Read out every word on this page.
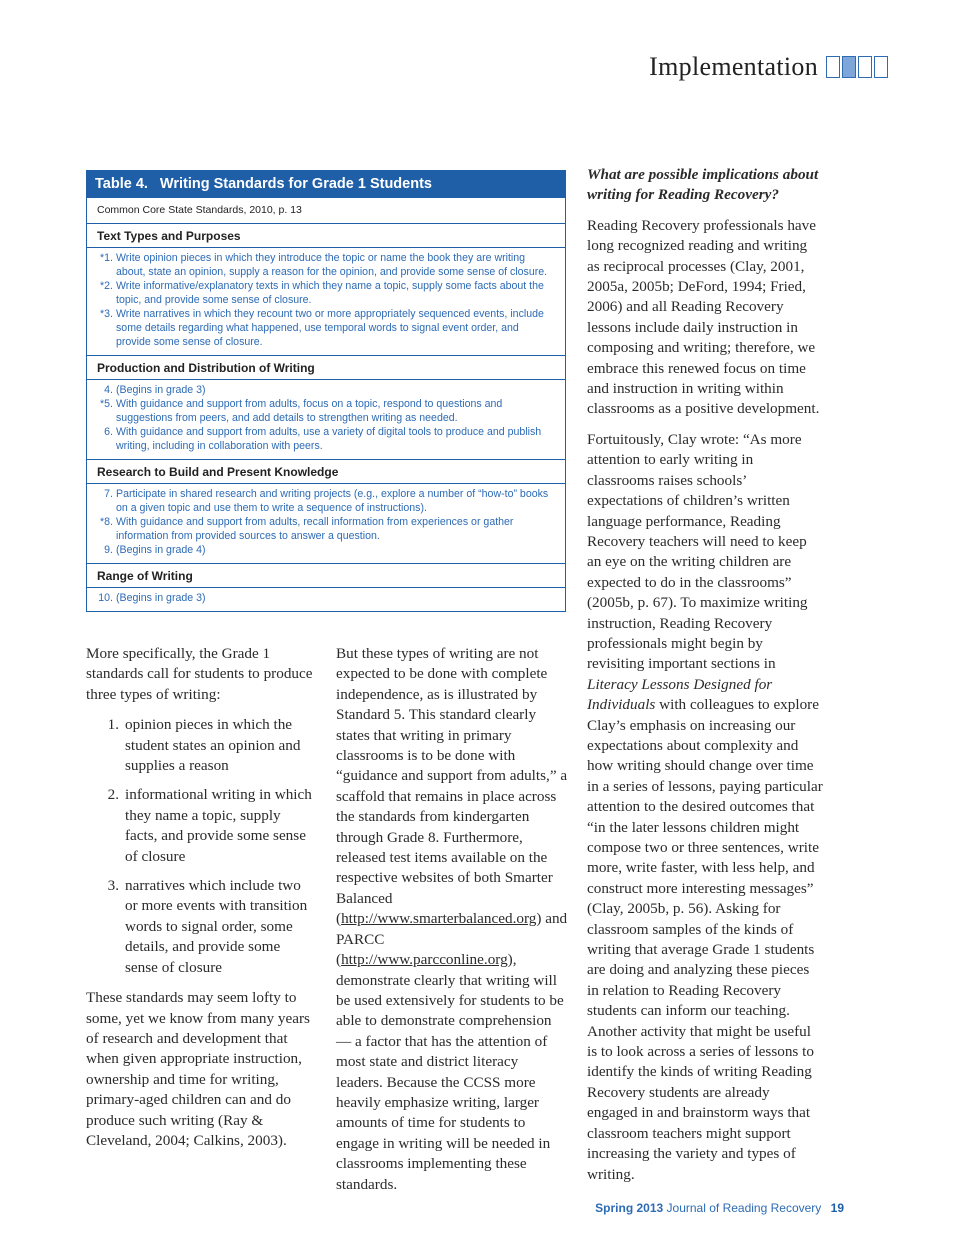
Implementation
Table 4. Writing Standards for Grade 1 Students
Common Core State Standards, 2010, p. 13
Text Types and Purposes
*1. Write opinion pieces in which they introduce the topic or name the book they are writing about, state an opinion, supply a reason for the opinion, and provide some sense of closure.
*2. Write informative/explanatory texts in which they name a topic, supply some facts about the topic, and provide some sense of closure.
*3. Write narratives in which they recount two or more appropriately sequenced events, include some details regarding what happened, use temporal words to signal event order, and provide some sense of closure.
Production and Distribution of Writing
4. (Begins in grade 3)
*5. With guidance and support from adults, focus on a topic, respond to questions and suggestions from peers, and add details to strengthen writing as needed.
6. With guidance and support from adults, use a variety of digital tools to produce and publish writing, including in collaboration with peers.
Research to Build and Present Knowledge
7. Participate in shared research and writing projects (e.g., explore a number of “how-to” books on a given topic and use them to write a sequence of instructions).
*8. With guidance and support from adults, recall information from experiences or gather information from provided sources to answer a question.
9. (Begins in grade 4)
Range of Writing
10. (Begins in grade 3)

More specifically, the Grade 1 standards call for students to produce three types of writing:

1. opinion pieces in which the student states an opinion and supplies a reason
2. informational writing in which they name a topic, supply facts, and provide some sense of closure
3. narratives which include two or more events with transition words to signal order, some details, and provide some sense of closure

These standards may seem lofty to some, yet we know from many years of research and development that when given appropriate instruction, ownership and time for writing, primary-aged children can and do produce such writing (Ray & Cleveland, 2004; Calkins, 2003).

But these types of writing are not expected to be done with complete independence, as is illustrated by Standard 5. This standard clearly states that writing in primary classrooms is to be done with “guidance and support from adults,” a scaffold that remains in place across the standards from kindergarten through Grade 8. Furthermore, released test items available on the respective websites of both Smarter Balanced (http://www.smarterbalanced.org) and PARCC (http://www.parcconline.org), demonstrate clearly that writing will be used extensively for students to be able to demonstrate comprehension — a factor that has the attention of most state and district literacy leaders. Because the CCSS more heavily emphasize writing, larger amounts of time for students to engage in writing will be needed in classrooms implementing these standards.

What are possible implications about writing for Reading Recovery?

Reading Recovery professionals have long recognized reading and writing as reciprocal processes (Clay, 2001, 2005a, 2005b; DeFord, 1994; Fried, 2006) and all Reading Recovery lessons include daily instruction in composing and writing; therefore, we embrace this renewed focus on time and instruction in writing within classrooms as a positive development.

Fortuitously, Clay wrote: “As more attention to early writing in classrooms raises schools’ expectations of children’s written language performance, Reading Recovery teachers will need to keep an eye on the writing children are expected to do in the classrooms” (2005b, p. 67). To maximize writing instruction, Reading Recovery professionals might begin by revisiting important sections in Literacy Lessons Designed for Individuals with colleagues to explore Clay’s emphasis on increasing our expectations about complexity and how writing should change over time in a series of lessons, paying particular attention to the desired outcomes that “in the later lessons children might compose two or three sentences, write more, write faster, with less help, and construct more interesting messages” (Clay, 2005b, p. 56). Asking for classroom samples of the kinds of writing that average Grade 1 students are doing and analyzing these pieces in relation to Reading Recovery students can inform our teaching. Another activity that might be useful is to look across a series of lessons to identify the kinds of writing Reading Recovery students are already engaged in and brainstorm ways that classroom teachers might support increasing the variety and types of writing.

Spring 2013 Journal of Reading Recovery 19
